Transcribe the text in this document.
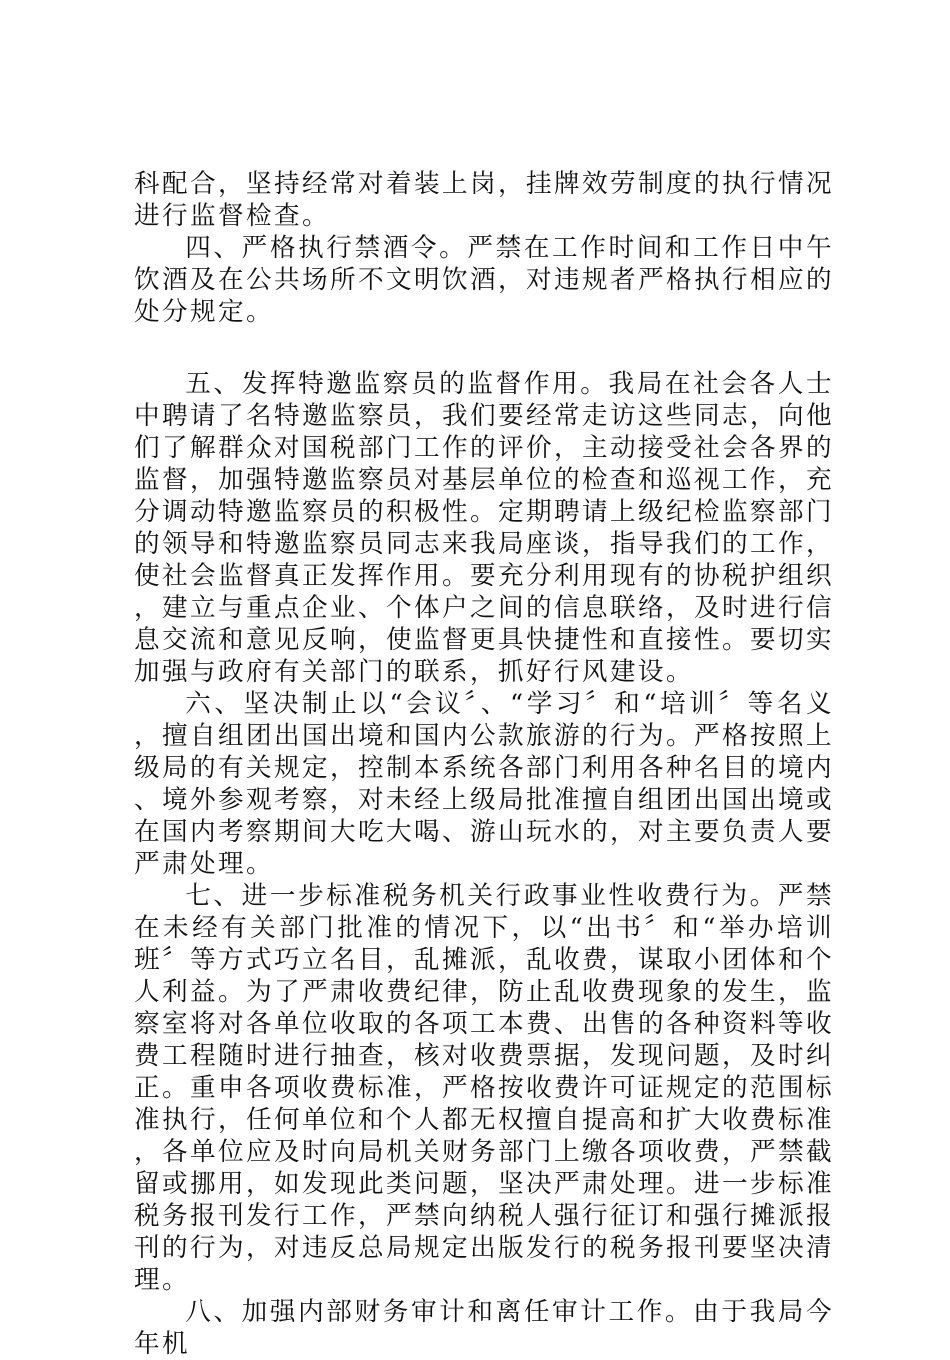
科配合，坚持经常对着装上岗，挂牌效劳制度的执行情况进行监督检查。

四、严格执行禁酒令。严禁在工作时间和工作日中午饮酒及在公共场所不文明饮酒，对违规者严格执行相应的处分规定。

五、发挥特邀监察员的监督作用。我局在社会各人士中聘请了名特邀监察员，我们要经常走访这些同志，向他们了解群众对国税部门工作的评价，主动接受社会各界的监督，加强特邀监察员对基层单位的检查和巡视工作，充分调动特邀监察员的积极性。定期聘请上级纪检监察部门的领导和特邀监察员同志来我局座谈，指导我们的工作，使社会监督真正发挥作用。要充分利用现有的协税护组织，建立与重点企业、个体户之间的信息联络，及时进行信息交流和意见反响，使监督更具快捷性和直接性。要切实加强与政府有关部门的联系，抓好行风建设。

六、坚决制止以“会议〞、“学习〞和“培训〞等名义，擅自组团出国出境和国内公款旅游的行为。严格按照上级局的有关规定，控制本系统各部门利用各种名目的境内、境外参观考察，对未经上级局批准擅自组团出国出境或在国内考察期间大吃大喝、游山玩水的，对主要负责人要严肃处理。

七、进一步标准税务机关行政事业性收费行为。严禁在未经有关部门批准的情况下，以“出书〞和“举办培训班〞等方式巧立名目，乱摊派，乱收费，谋取小团体和个人利益。为了严肃收费纪律，防止乱收费现象的发生，监察室将对各单位收取的各项工本费、出售的各种资料等收费工程随时进行抽查，核对收费票据，发现问题，及时纠正。重申各项收费标准，严格按收费许可证规定的范围标准执行，任何单位和个人都无权擅自提高和扩大收费标准，各单位应及时向局机关财务部门上缴各项收费，严禁截留或挪用，如发现此类问题，坚决严肃处理。进一步标准税务报刊发行工作，严禁向纳税人强行征订和强行摊派报刊的行为，对违反总局规定出版发行的税务报刊要坚决清理。

八、加强内部财务审计和离任审计工作。由于我局今年机
